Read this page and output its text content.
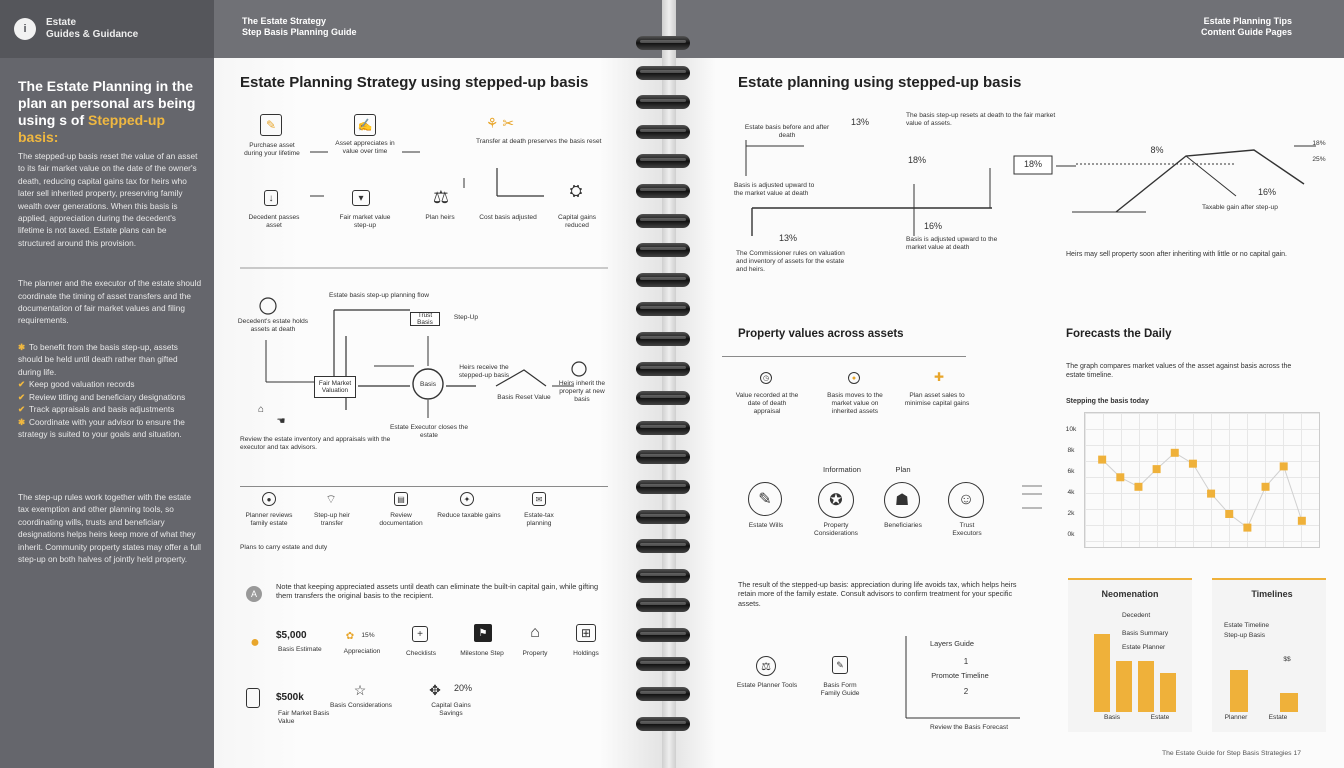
i
Estate
Guides & Guidance
The Estate Planning in the plan an personal ars being using s of Stepped-up basis:

The stepped-up basis reset the value of an asset to its fair market value on the date of the owner's death, reducing capital gains tax for heirs who later sell inherited property, preserving family wealth over generations. When this basis is applied, appreciation during the decedent's lifetime is not taxed. Estate plans can be structured around this provision.

The planner and the executor of the estate should coordinate the timing of asset transfers and the documentation of fair market values and filing requirements.

✱ To benefit from the basis step-up, assets should be held until death rather than gifted during life.
✔ Keep good valuation records
✔ Review titling and beneficiary designations
✔ Track appraisals and basis adjustments
✱ Coordinate with your advisor to ensure the strategy is suited to your goals and situation.

The step-up rules work together with the estate tax exemption and other planning tools, so coordinating wills, trusts and beneficiary designations helps heirs keep more of what they inherit. Community property states may offer a full step-up on both halves of jointly held property.

The Estate Strategy
Step Basis Planning Guide
Estate Planning Strategy using stepped-up basis
✎
Purchase asset during your lifetime
✍
Asset appreciates in value over time
⚘ ✂
Transfer at death preserves the basis reset
↓
Decedent passes asset
▾
Fair market value step-up
⚖
Plan heirs	Cost basis adjusted
⛭
Capital gains reduced
Estate basis step-up planning flow
Trust Basis
Step-Up
Decedent's estate holds assets at death
Fair Market Valuation
Basis
Heirs receive the stepped-up basis
Basis Reset Value
Heirs inherit the property at new basis
Estate Executor closes the estate
⌂
☚
Review the estate inventory and appraisals with the executor and tax advisors.
●
Planner reviews family estate
⌔
Step-up heir transfer
▤
Review documentation
✦
Reduce taxable gains
✉
Estate-tax planning
Plans to carry estate and duty
A
Note that keeping appreciated assets until death can eliminate the built-in capital gain, while gifting them transfers the original basis to the recipient.
●	$5,000
Basis Estimate
✿	15%
Appreciation
+
Checklists
⚑
Milestone Step
⌂
Property
⊞
Holdings
$500k
Fair Market Basis Value
☆
Basis Considerations
✥	20%
Capital Gains Savings
Estate Planning Tips
Content Guide Pages
Estate planning using stepped-up basis
Estate basis before and after death
13%
The basis step-up resets at death to the fair market value of assets.
18%	18%
8%
16%
18%
25%
Basis is adjusted upward to the market value at death
13%
16%
The Commissioner rules on valuation and inventory of assets for the estate and heirs.
Basis is adjusted upward to the market value at death
Taxable gain after step-up
Heirs may sell property soon after inheriting with little or no capital gain.
Property values across assets
◷
Value recorded at the date of death appraisal
●
Basis moves to the market value on inherited assets
✚
Plan asset sales to minimise capital gains
Information	Plan
✎
Estate Wills
✪
Property Considerations
☗
Beneficiaries
☺
Trust Executors
Forecasts the Daily
The graph compares market values of the asset against basis across the estate timeline.
Stepping the basis today
10k
8k
6k
4k
2k
0k
The result of the stepped-up basis: appreciation during life avoids tax, which helps heirs retain more of the family estate. Consult advisors to confirm treatment for your specific assets.
⚖
Estate Planner Tools
✎
Basis Form Family Guide
Layers Guide
1
Promote Timeline
2
Review the Basis Forecast
Neomenation
Decedent
Basis Summary
Estate Planner
Basis	Estate
Timelines
Estate Timeline
Step-up Basis
$$
Planner	Estate
The Estate Guide for Step Basis Strategies 17
